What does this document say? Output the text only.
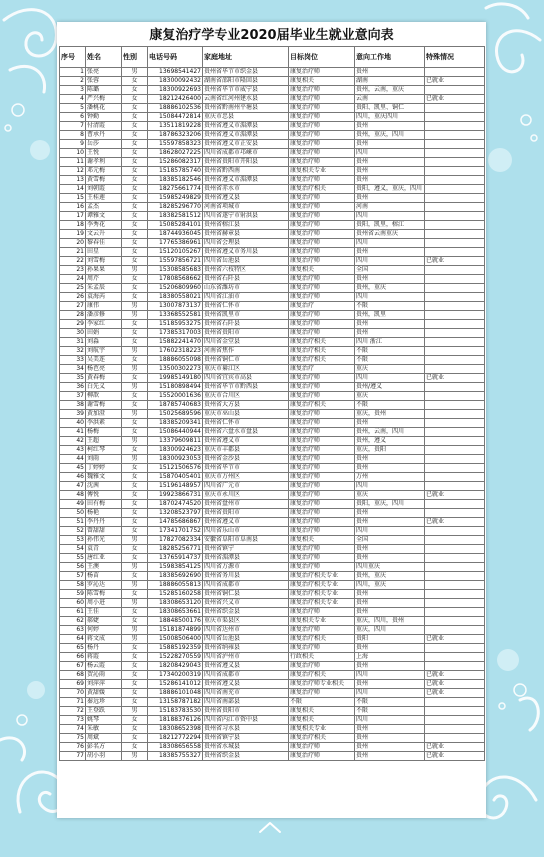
康复治疗学专业2020届毕业生就业意向表
序号	姓名	性别	电话号码	家庭地址	目标岗位	意向工作地	特殊情况
1	张亮	男	13698541427	贵州省毕节市织金县	康复治疗师	贵州	
2	张蓉	女	18300092432	湖南省邵阳市隆回县	康复相关	湖南	已就业
3	陈璐	女	18300922693	贵州省毕节市威宁县	康复治疗师	贵州，云南，重庆	
4	严兴梅	女	18212426400	云南省红河州建水县	康复治疗师	云南	已就业
5	潘桃花	女	18886102536	贵州省黔南州平塘县	康复治疗师	贵阳、凯里、铜仁	
6	钟勤	女	15084472814	重庆市忠县	康复治疗师	四川，重庆四川	
7	付清霞	女	13511819228	贵州省遵义市湄潭县	康复治疗师	贵州	
8	曹承丹	女	18786323206	贵州省遵义市湄潭县	康复治疗师	贵州，重庆，四川	
9	岳莎	女	15597858323	贵州省遵义市正安县	康复治疗师	贵州	
10	王悦	女	18628027225	四川省成都市邛崃市	康复治疗师	四川	
11	谢孝利	女	15286082317	贵州省贵阳市开阳县	康复治疗师	贵州	
12	邓元梅	女	15185785740	贵州省黔西南	康复相关专业	贵州	
13	黄雪梅	女	18385182546	贵州省遵义市湄潭县	康复治疗师	贵州	
14	刘朝霞	女	18275661774	贵州省赤水市	康复治疗相关	贵阳，遵义，重庆，四川	
15	王桂莲	女	15985249829	贵州省遵义县	康复治疗师	贵州	
16	孟杰	女	18285296770	河南省项城市	康复治疗师	河南	
17	谭雅文	女	18382581512	四川省遂宁市射洪县	康复治疗师	四川	
18	李秀花	女	15085284101	贵州省榕江县	康复治疗师	贵阳，凯里，榕江	
19	文云升	女	18744936045	贵州省赫章县	康复治疗师	贵州省云南重庆	
20	黎春佳	女	17765386961	四川省会理县	康复治疗师	四川	
21	田星	女	15120105267	贵州省遵义市务川县	康复治疗师	贵州	
22	刘雪梅	女	15597856721	四川省岳池县	康复治疗师	四川	已就业
23	孙果果	男	15308585683	贵州省六枝特区	康复相关	全国	
24	周芹	女	17808568662	贵州省石阡县	康复治疗师	贵州	
25	朱孟辰	女	15206809960	山东省潍坊市	康复治疗师	贵州，重庆	
26	袁海芮	女	18380558021	四川省江油市	康复治疗师	四川	
27	康伟	男	13007873137	贵州省仁怀市	康复治疗	不限	
28	潘彦修	男	13368552581	贵州省凯里市	康复治疗师	贵州，凯里	
29	李家红	女	15185953275	贵州省石阡县	康复治疗师	贵州	
30	田娟	女	17385317003	贵州省贵阳市	康复治疗师	贵州	
31	刘淼	女	15882241470	四川省金堂县	康复治疗相关	四川 浙江	
32	刘航宇	男	17602318223	河南省焦作	康复治疗相关	不限	
33	吴美连	女	18886055098	贵州省铜仁市	康复治疗相关	不限	
34	杨芭亮	男	13500302273	重庆市綦江区	康复治疗	重庆	
35	黄春梅	女	19985149180	四川省宜宾市高县	康复治疗师	四川	已就业
36	白先义	男	15180898494	贵州省毕节市黔西县	康复治疗师	贵州/遵义	
37	柳歆	女	15520001636	重庆市合川区	康复治疗师	重庆	
38	谢雪梅	女	18785740683	贵州省大方县	康复治疗相关	不限	
39	黄加澄	男	15025689596	重庆市巫山县	康复治疗师	重庆，贵州	
40	李洪素	女	18385209341	贵州省仁怀市	康复治疗师	贵州	
41	杨梅	女	15086440944	贵州省六盘水市盘县	康复治疗师	贵州，云南，四川	
42	王超	男	13379609811	贵州省遵义市	康复治疗师	贵州，遵义	
43	柯红琴	女	18300924623	重庆市丰都县	康复治疗师	重庆，贵阳	
44	刘雨	男	18300923053	贵州省金沙县	康复治疗师	贵州	
45	丁婷婷	女	15121506576	贵州省毕节市	康复治疗师	贵州	
46	魏雅文	女	15870405401	重庆市万州区	康复治疗师	万州	
47	沈茜	女	15196148957	四川省广元市	康复治疗师	四川	
48	傅悦	女	19923866731	重庆市永川区	康复治疗师	重庆	已就业
49	田有梅	女	18702474520	贵州省盘州市	康复治疗师	贵阳，重庆，四川	
50	杨艳	女	13208523797	贵州省贵阳市	康复治疗师	贵州	
51	李丹丹	女	14785686867	贵州省遵义市	康复治疗师	贵州	已就业
52	曾甜甜	女	17341701752	四川省乐山市	康复治疗师	四川	
53	孙伟光	男	17827082334	安徽省阜阳市阜南县	康复相关	全国	
54	袁青	女	18285256771	贵州省镇宁	康复治疗师	贵州	
55	唐红亚	女	13765914737	贵州省湄潭县	康复治疗师	贵州	
56	王澳	男	15983854125	四川省万源市	康复治疗师	四川重庆	
57	杨苗	女	18385692690	贵州省务川县	康复治疗相关专业	贵州，重庆	
58	罗沁达	男	18886055813	四川省成都市	康复治疗相关专业	四川，重庆	
59	陈雪梅	女	15285160258	贵州省铜仁县	康复治疗相关专业	贵州	
60	周小进	男	18308653120	贵州省兴义市	康复治疗相关专业	贵州	
61	王佳	女	18308653661	贵州省织金县	康复治疗师	贵州	
62	郝婕	女	18848500176	重庆市渠县区	康复相关专业	重庆，四川，贵州	
63	何婷	男	15181874899	四川省达州市	康复治疗师	重庆，四川	
64	蒋文成	男	15008506400	四川省岳池县	康复治疗相关	贵阳	已就业
65	杨丹	女	15885192359	贵州省纳雍县	康复治疗师	贵州	
66	蒋霞	女	15228270559	四川省泸州市	行政相关	上海	
67	杨云霞	女	18208429043	贵州省遵义县	康复治疗师	贵州	
68	贺沁雨	女	17340200319	四川省成都市	康复治疗相关	四川	已就业
69	刘萍萍	女	15286141012	贵州省遵义县	康复治疗师专业相关	贵州	已就业
70	黄甜媛	女	18886101048	四川省南充市	康复治疗师	四川	已就业
71	秦远珍	女	13158787182	四川省南部县	不限	不限	
72	王登跃	男	15183783530	贵州省贵阳市	康复相关	不限	
73	姚琴	女	18188376126	四川省内江市资中县	康复相关	四川	
74	朱敏	女	18308652398	贵州省习水县	康复相关专业	贵州	
75	周斌	女	18212772294	贵州省镇宁县	康复治疗相关	贵州	
76	彭名方	女	18308656558	贵州省水城县	康复治疗师	贵州	已就业
77	胡小羽	男	18385755327	贵州省织金县	康复治疗师	贵州	已就业
